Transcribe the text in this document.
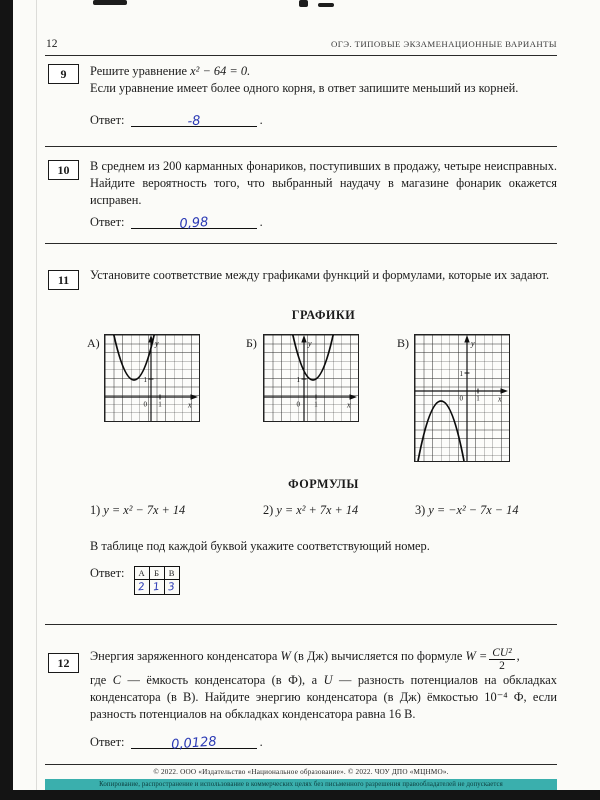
12	ОГЭ. ТИПОВЫЕ ЭКЗАМЕНАЦИОННЫЕ ВАРИАНТЫ
9	Решите уравнение x² − 64 = 0.
Если уравнение имеет более одного корня, в ответ запишите меньший из корней.
Ответ:	-8	.
10	В среднем из 200 карманных фонариков, поступивших в продажу, четыре неисправных. Найдите вероятность того, что выбранный наудачу в магазине фонарик окажется исправен.
Ответ:	0,98	.
11	Установите соответствие между графиками функций и формулами, которые их задают.
ГРАФИКИ
А)
1
0 1
у
х
Б)
1
0 1
у
х
В)
1
0 1
у
х
ФОРМУЛЫ
1) y = x² − 7x + 14	2) y = x² + 7x + 14	3) y = −x² − 7x − 14
В таблице под каждой буквой укажите соответствующий номер.
Ответ: А	Б	В
2	1	3
12	Энергия заряженного конденсатора W (в Дж) вычисляется по формуле $W = \frac{\text{CU²}}{2}$ ,
где C — ёмкость конденсатора (в Ф), а U — разность потенциалов на обкладках конденсатора (в В). Найдите энергию конденсатора (в Дж) ёмкостью 10⁻⁴ Ф, если разность потенциалов на обкладках конденсатора равна 16 В.
Ответ:	0,0128	.
© 2022. ООО «Издательство «Национальное образование». © 2022. ЧОУ ДПО «МЦНМО».
Копирование, распространение и использование в коммерческих целях без письменного разрешения правообладателей не допускается
